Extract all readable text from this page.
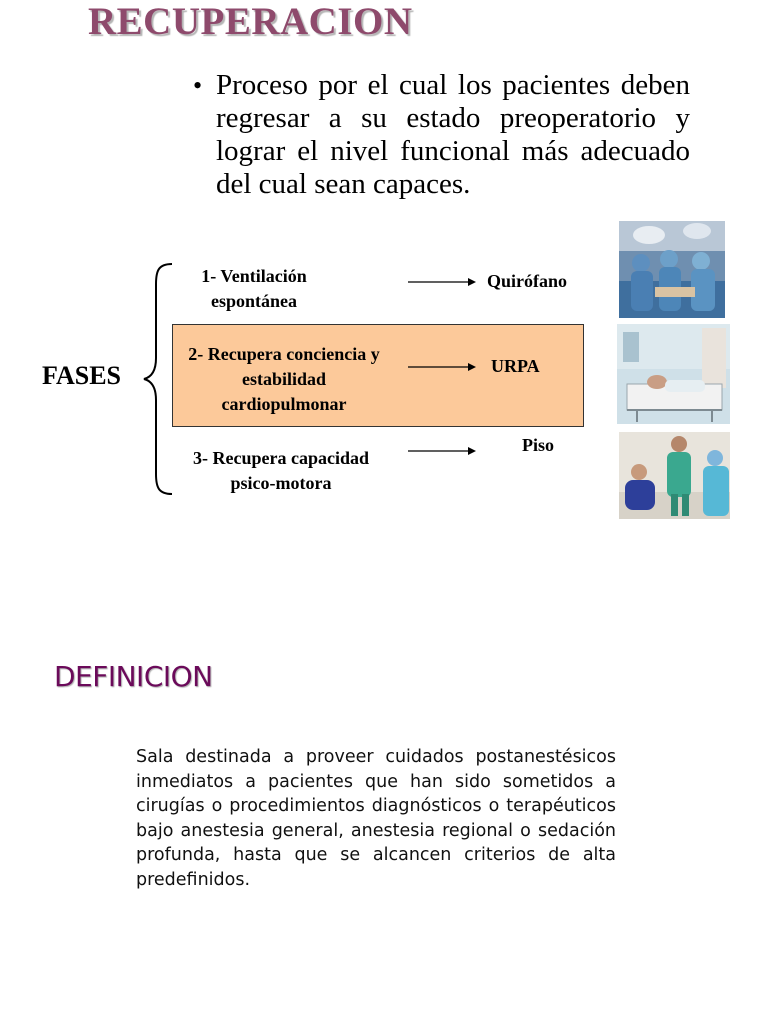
RECUPERACION
• Proceso por el cual los pacientes deben regresar a su estado preoperatorio y lograr el nivel funcional más adecuado del cual sean capaces.
FASES
1- Ventilación
espontánea
Quirófano
2- Recupera conciencia y
estabilidad
cardiopulmonar
URPA
3- Recupera capacidad
psico-motora
Piso
DEFINICION
Sala destinada a proveer cuidados postanestésicos inmediatos a pacientes que han sido sometidos a cirugías o procedimientos diagnósticos o terapéuticos bajo anestesia general, anestesia regional o sedación profunda, hasta que se alcancen criterios de alta predefinidos.
